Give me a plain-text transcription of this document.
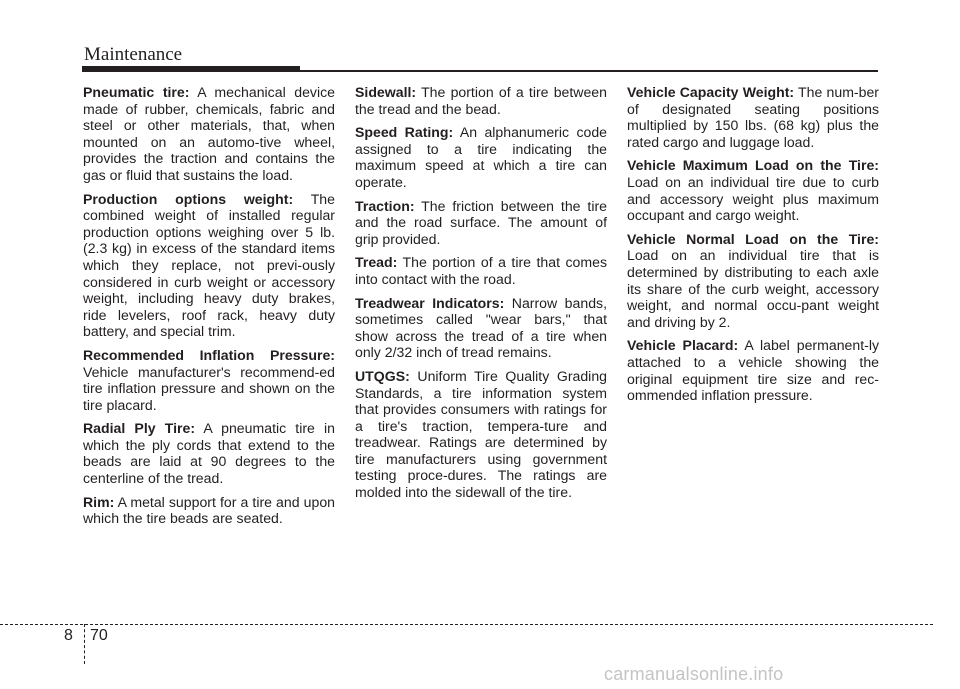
Maintenance

Pneumatic tire: A mechanical device made of rubber, chemicals, fabric and steel or other materials, that, when mounted on an automo-tive wheel, provides the traction and contains the gas or fluid that sustains the load.

Production options weight: The combined weight of installed regular production options weighing over 5 lb.(2.3 kg) in excess of the standard items which they replace, not previ-ously considered in curb weight or accessory weight, including heavy duty brakes, ride levelers, roof rack, heavy duty battery, and special trim.

Recommended Inflation Pressure: Vehicle manufacturer's recommend-ed tire inflation pressure and shown on the tire placard.

Radial Ply Tire: A pneumatic tire in which the ply cords that extend to the beads are laid at 90 degrees to the centerline of the tread.

Rim: A metal support for a tire and upon which the tire beads are seated.

Sidewall: The portion of a tire between the tread and the bead.

Speed Rating: An alphanumeric code assigned to a tire indicating the maximum speed at which a tire can operate.

Traction: The friction between the tire and the road surface. The amount of grip provided.

Tread: The portion of a tire that comes into contact with the road.

Treadwear Indicators: Narrow bands, sometimes called "wear bars," that show across the tread of a tire when only 2/32 inch of tread remains.

UTQGS: Uniform Tire Quality Grading Standards, a tire information system that provides consumers with ratings for a tire's traction, tempera-ture and treadwear. Ratings are determined by tire manufacturers using government testing proce-dures. The ratings are molded into the sidewall of the tire.

Vehicle Capacity Weight: The num-ber of designated seating positions multiplied by 150 lbs. (68 kg) plus the rated cargo and luggage load.

Vehicle Maximum Load on the Tire: Load on an individual tire due to curb and accessory weight plus maximum occupant and cargo weight.

Vehicle Normal Load on the Tire: Load on an individual tire that is determined by distributing to each axle its share of the curb weight, accessory weight, and normal occu-pant weight and driving by 2.

Vehicle Placard: A label permanent-ly attached to a vehicle showing the original equipment tire size and rec-ommended inflation pressure.

8 70
carmanualsonline.info
